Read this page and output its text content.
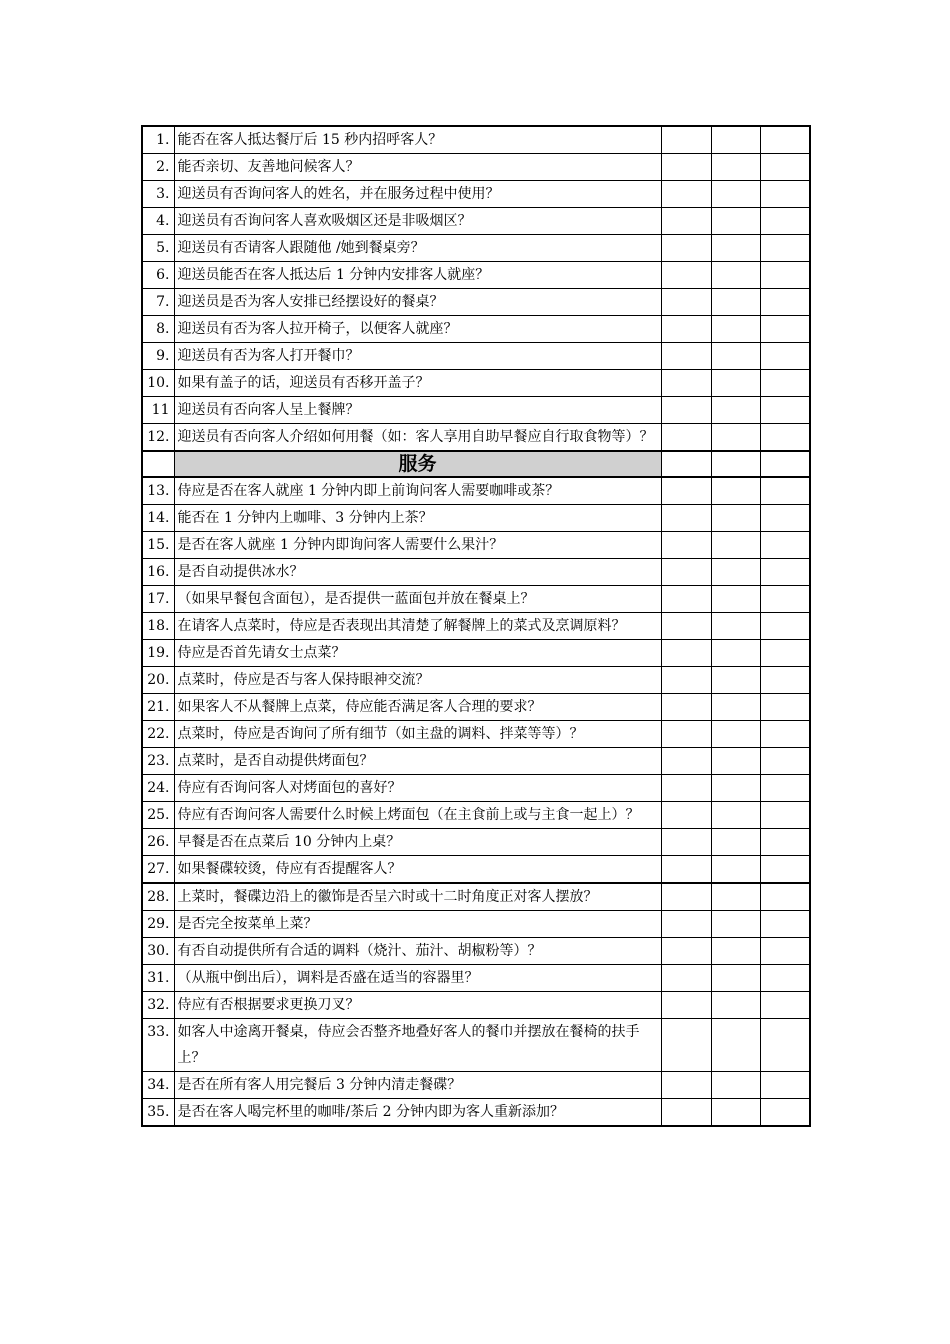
1.	能否在客人抵达餐厅后 15 秒内招呼客人？			
2.	能否亲切、友善地问候客人？			
3.	迎送员有否询问客人的姓名，并在服务过程中使用？			
4.	迎送员有否询问客人喜欢吸烟区还是非吸烟区？			
5.	迎送员有否请客人跟随他 /她到餐桌旁？			
6.	迎送员能否在客人抵达后 1 分钟内安排客人就座？			
7.	迎送员是否为客人安排已经摆设好的餐桌？			
8.	迎送员有否为客人拉开椅子，以便客人就座？			
9.	迎送员有否为客人打开餐巾？			
10.	如果有盖子的话，迎送员有否移开盖子？			
11	迎送员有否向客人呈上餐牌？			
12.	迎送员有否向客人介绍如何用餐（如：客人享用自助早餐应自行取食物等）？			
	服务			
13.	侍应是否在客人就座 1 分钟内即上前询问客人需要咖啡或茶？			
14.	能否在 1 分钟内上咖啡、3 分钟内上茶？			
15.	是否在客人就座 1 分钟内即询问客人需要什么果汁？			
16.	是否自动提供冰水？			
17.	（如果早餐包含面包），是否提供一蓝面包并放在餐桌上？			
18.	在请客人点菜时，侍应是否表现出其清楚了解餐牌上的菜式及烹调原料？			
19.	侍应是否首先请女士点菜？			
20.	点菜时，侍应是否与客人保持眼神交流？			
21.	如果客人不从餐牌上点菜，侍应能否满足客人合理的要求？			
22.	点菜时，侍应是否询问了所有细节（如主盘的调料、拌菜等等）？			
23.	点菜时，是否自动提供烤面包？			
24.	侍应有否询问客人对烤面包的喜好？			
25.	侍应有否询问客人需要什么时候上烤面包（在主食前上或与主食一起上）？			
26.	早餐是否在点菜后 10 分钟内上桌？			
27.	如果餐碟较烫，侍应有否提醒客人？			
28.	上菜时，餐碟边沿上的徽饰是否呈六时或十二时角度正对客人摆放？			
29.	是否完全按菜单上菜？			
30.	有否自动提供所有合适的调料（烧汁、茄汁、胡椒粉等）？			
31.	（从瓶中倒出后），调料是否盛在适当的容器里？			
32.	侍应有否根据要求更换刀叉？			
33.	如客人中途离开餐桌，侍应会否整齐地叠好客人的餐巾并摆放在餐椅的扶手上？			
34.	是否在所有客人用完餐后 3 分钟内清走餐碟？			
35.	是否在客人喝完杯里的咖啡/茶后 2 分钟内即为客人重新添加？			
